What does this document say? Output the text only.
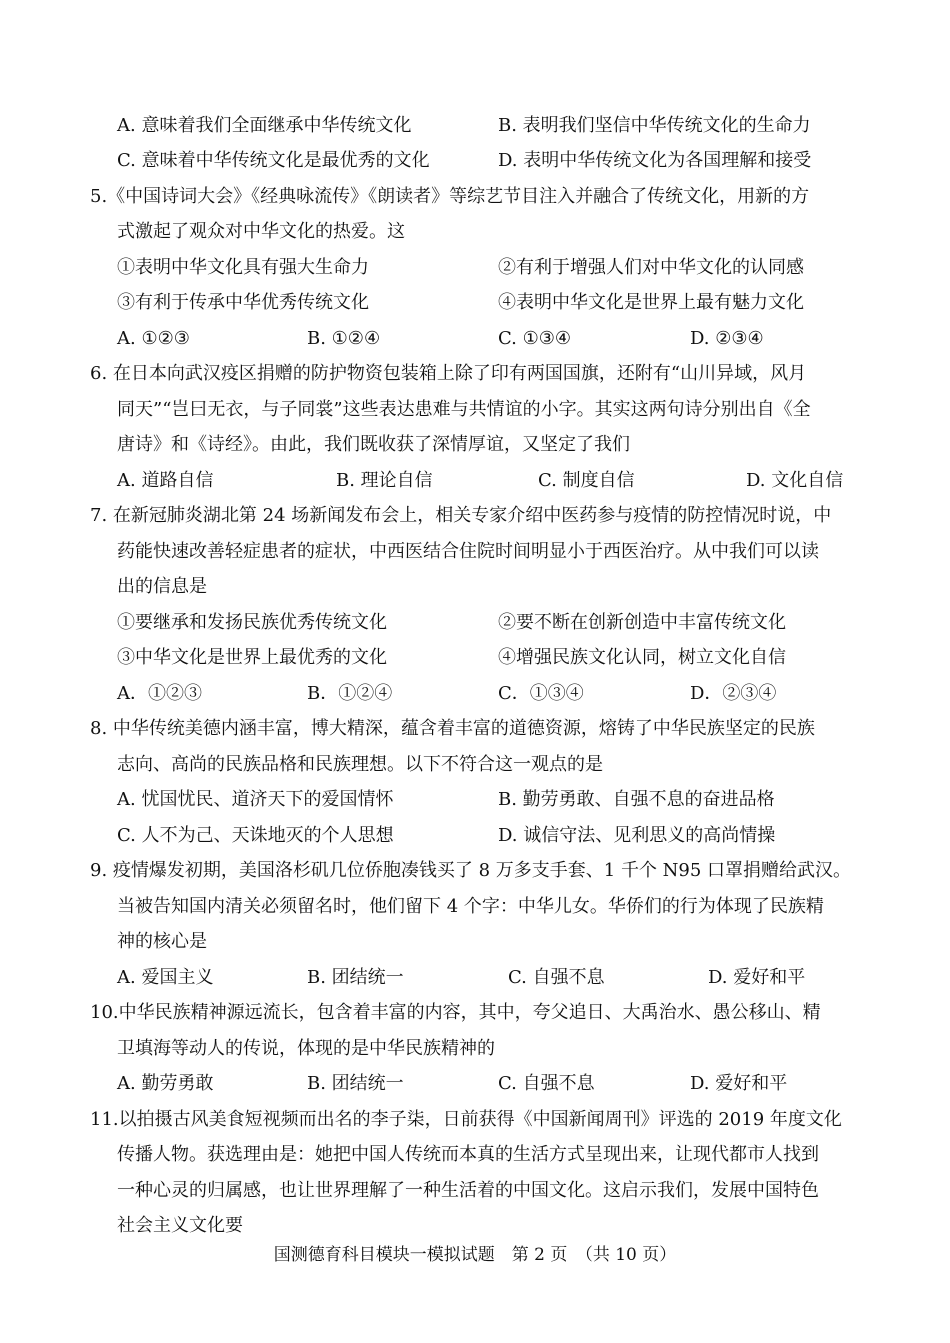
A. 意味着我们全面继承中华传统文化	B. 表明我们坚信中华传统文化的生命力
C. 意味着中华传统文化是最优秀的文化	D. 表明中华传统文化为各国理解和接受
5.《中国诗词大会》《经典咏流传》《朗读者》等综艺节目注入并融合了传统文化，用新的方
式激起了观众对中华文化的热爱。这
①表明中华文化具有强大生命力	②有利于增强人们对中华文化的认同感
③有利于传承中华优秀传统文化	④表明中华文化是世界上最有魅力文化
A. ①②③	B. ①②④	C. ①③④	D. ②③④
6. 在日本向武汉疫区捐赠的防护物资包装箱上除了印有两国国旗，还附有“山川异域，风月
同天”“岂曰无衣，与子同裳”这些表达患难与共情谊的小字。其实这两句诗分别出自《全
唐诗》和《诗经》。由此，我们既收获了深情厚谊，又坚定了我们
A. 道路自信	B. 理论自信	C. 制度自信	D. 文化自信
7. 在新冠肺炎湖北第 24 场新闻发布会上，相关专家介绍中医药参与疫情的防控情况时说，中
药能快速改善轻症患者的症状，中西医结合住院时间明显小于西医治疗。从中我们可以读
出的信息是
①要继承和发扬民族优秀传统文化	②要不断在创新创造中丰富传统文化
③中华文化是世界上最优秀的文化	④增强民族文化认同，树立文化自信
A．①②③	B．①②④	C．①③④	D．②③④
8. 中华传统美德内涵丰富，博大精深，蕴含着丰富的道德资源，熔铸了中华民族坚定的民族
志向、高尚的民族品格和民族理想。以下不符合这一观点的是
A. 忧国忧民、道济天下的爱国情怀	B. 勤劳勇敢、自强不息的奋进品格
C. 人不为己、天诛地灭的个人思想	D. 诚信守法、见利思义的高尚情操
9. 疫情爆发初期，美国洛杉矶几位侨胞凑钱买了 8 万多支手套、1 千个 N95 口罩捐赠给武汉。
当被告知国内清关必须留名时，他们留下 4 个字：中华儿女。华侨们的行为体现了民族精
神的核心是
A. 爱国主义	B. 团结统一	C. 自强不息	D. 爱好和平
10.中华民族精神源远流长，包含着丰富的内容，其中，夸父追日、大禹治水、愚公移山、精
卫填海等动人的传说，体现的是中华民族精神的
A. 勤劳勇敢	B. 团结统一	C. 自强不息	D. 爱好和平
11.以拍摄古风美食短视频而出名的李子柒，日前获得《中国新闻周刊》评选的 2019 年度文化
传播人物。获选理由是：她把中国人传统而本真的生活方式呈现出来，让现代都市人找到
一种心灵的归属感，也让世界理解了一种生活着的中国文化。这启示我们，发展中国特色
社会主义文化要
国测德育科目模块一模拟试题　第 2 页　（共 10 页）
